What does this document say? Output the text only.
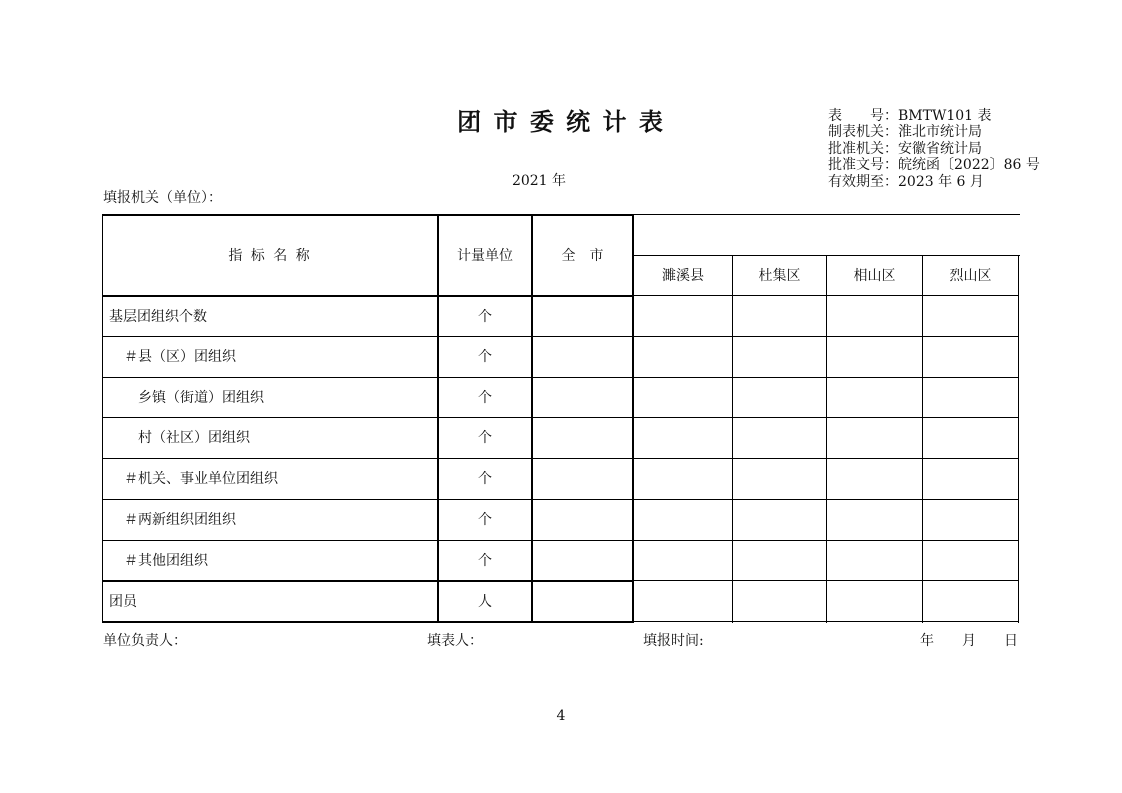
团 市 委 统 计 表	表　　号：BMTW101 表
制表机关：淮北市统计局
批准机关：安徽省统计局
批准文号：皖统函〔2022〕86 号
有效期至：2023 年 6 月
2021 年
填报机关（单位）：
指 标 名 称	计量单位	全　市
濉溪县	杜集区	相山区	烈山区
基层团组织个数	个
＃县（区）团组织	个
乡镇（街道）团组织	个
村（社区）团组织	个
＃机关、事业单位团组织	个
＃两新组织团组织	个
＃其他团组织	个
团员	人
单位负责人：	填表人：	填报时间:	年 月 日
4
